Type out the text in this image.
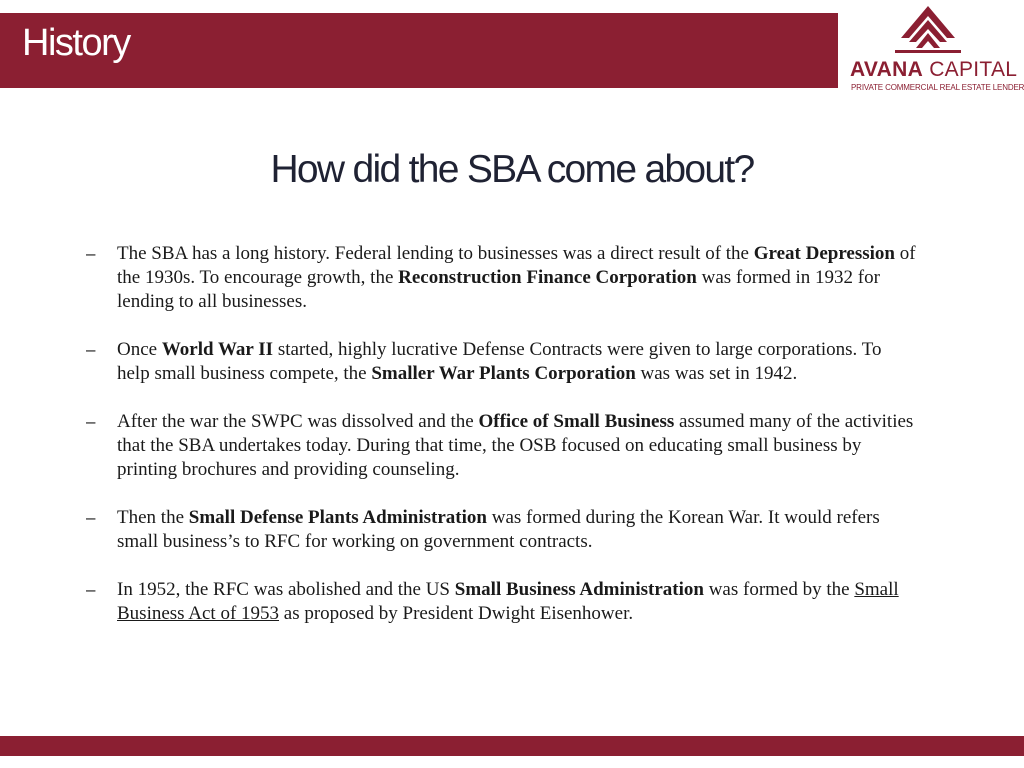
History
AVANA CAPITAL
PRIVATE COMMERCIAL REAL ESTATE LENDER
How did the SBA come about?
– The SBA has a long history. Federal lending to businesses was a direct result of the Great Depression of the 1930s. To encourage growth, the Reconstruction Finance Corporation was formed in 1932 for lending to all businesses.
– Once World War II started, highly lucrative Defense Contracts were given to large corporations. To help small business compete, the Smaller War Plants Corporation was was set in 1942.
– After the war the SWPC was dissolved and the Office of Small Business assumed many of the activities that the SBA undertakes today. During that time, the OSB focused on educating small business by printing brochures and providing counseling.
– Then the Small Defense Plants Administration was formed during the Korean War. It would refers small business’s to RFC for working on government contracts.
– In 1952, the RFC was abolished and the US Small Business Administration was formed by the Small Business Act of 1953 as proposed by President Dwight Eisenhower.
